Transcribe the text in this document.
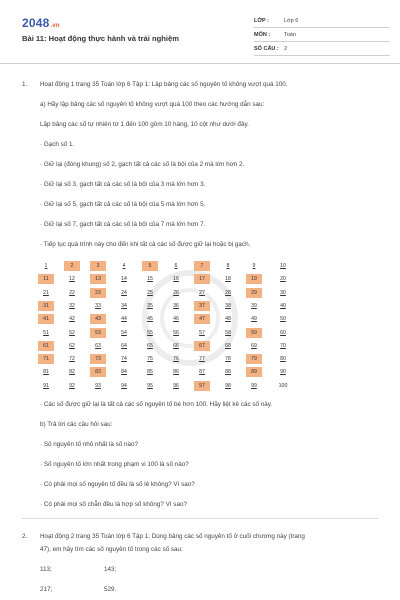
2048.vn
Bài 11: Hoạt động thực hành và trải nghiệm
LỚP :	Lớp 6
MÔN :	Toán
SỐ CÂU : 2
1. Hoạt động 1 trang 35 Toán lớp 6 Tập 1: Lập bảng các số nguyên tố không vượt quá 100.
a) Hãy lập bảng các số nguyên tố không vượt quá 100 theo các hướng dẫn sau:
Lập bảng các số tự nhiên từ 1 đến 100 gồm 10 hàng, 10 cột như dưới đây.
· Gạch số 1.
· Giữ lại (đóng khung) số 2, gạch tất cả các số là bội của 2 mà lớn hơn 2.
· Giữ lại số 3, gạch tất cả các số là bội của 3 mà lớn hơn 3.
· Giữ lại số 5, gạch tất cả các số là bội của 5 mà lớn hơn 5.
· Giữ lại số 7, gạch tất cả các số là bội của 7 mà lớn hơn 7.
· Tiếp tục quá trình này cho đến khi tất cả các số được giữ lại hoặc bị gạch.
1	2	3	4	5	6	7	8	9	10
11	12	13	14	15	16	17	18	19	20
21	22	23	24	25	26	27	28	29	30
31	32	33	34	35	36	37	38	39	40
41	42	43	44	45	46	47	48	49	50
51	52	53	54	55	56	57	58	59	60
61	62	63	64	65	66	67	68	69	70
71	72	73	74	75	76	77	78	79	80
81	82	83	84	85	86	87	88	89	90
91	92	93	94	95	96	97	98	99	100
· Các số được giữ lại là tất cả các số nguyên tố bé hơn 100. Hãy liệt kê các số này.
b) Trả lời các câu hỏi sau:
· Số nguyên tố nhỏ nhất là số nào?
· Số nguyên tố lớn nhất trong phạm vi 100 là số nào?
· Có phải mọi số nguyên tố đều là số lẻ không? Vì sao?
· Có phải mọi số chẵn đều là hợp số không? Vì sao?
2. Hoạt động 2 trang 35 Toán lớp 6 Tập 1: Dùng bảng các số nguyên tố ở cuối chương này (trang
47), em hãy tìm các số nguyên tố trong các số sau:
113;	143;
217;	529.
